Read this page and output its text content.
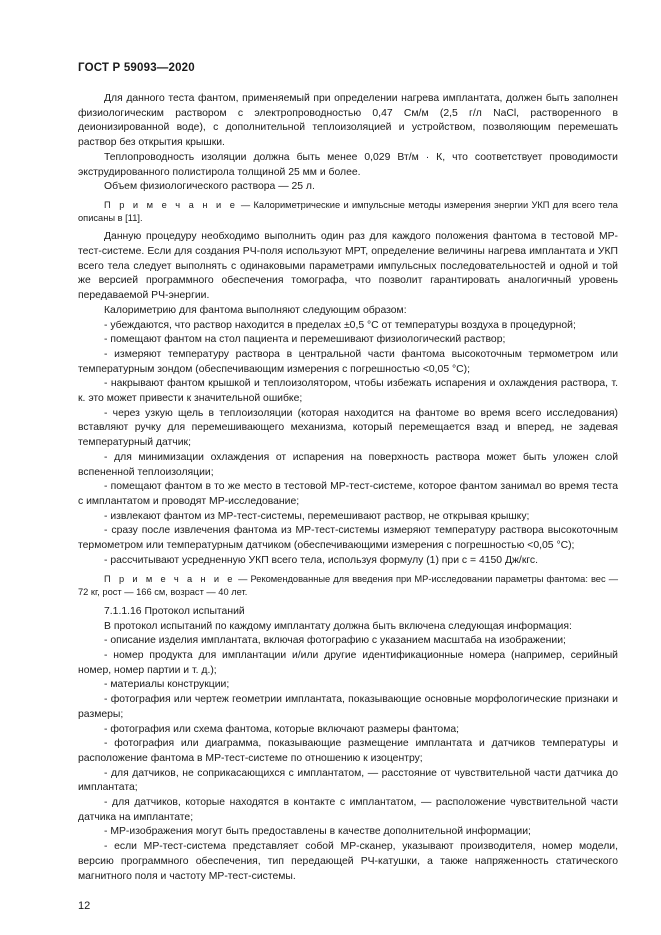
ГОСТ Р 59093—2020

Для данного теста фантом, применяемый при определении нагрева имплантата, должен быть заполнен физиологическим раствором с электропроводностью 0,47 См/м (2,5 г/л NaCl, растворенного в деионизированной воде), с дополнительной теплоизоляцией и устройством, позволяющим перемешать раствор без открытия крышки.

Теплопроводность изоляции должна быть менее 0,029 Вт/м · К, что соответствует проводимости экструдированного полистирола толщиной 25 мм и более.

Объем физиологического раствора — 25 л.

П р и м е ч а н и е — Калориметрические и импульсные методы измерения энергии УКП для всего тела описаны в [11].

Данную процедуру необходимо выполнить один раз для каждого положения фантома в тестовой МР-тест-системе. Если для создания РЧ-поля используют МРТ, определение величины нагрева имплантата и УКП всего тела следует выполнять с одинаковыми параметрами импульсных последовательностей и одной и той же версией программного обеспечения томографа, что позволит гарантировать аналогичный уровень передаваемой РЧ-энергии.

Калориметрию для фантома выполняют следующим образом:

- убеждаются, что раствор находится в пределах ±0,5 °С от температуры воздуха в процедурной;

- помещают фантом на стол пациента и перемешивают физиологический раствор;

- измеряют температуру раствора в центральной части фантома высокоточным термометром или температурным зондом (обеспечивающим измерения с погрешностью <0,05 °С);

- накрывают фантом крышкой и теплоизолятором, чтобы избежать испарения и охлаждения раствора, т. к. это может привести к значительной ошибке;

- через узкую щель в теплоизоляции (которая находится на фантоме во время всего исследования) вставляют ручку для перемешивающего механизма, который перемещается взад и вперед, не задевая температурный датчик;

- для минимизации охлаждения от испарения на поверхность раствора может быть уложен слой вспененной теплоизоляции;

- помещают фантом в то же место в тестовой МР-тест-системе, которое фантом занимал во время теста с имплантатом и проводят МР-исследование;

- извлекают фантом из МР-тест-системы, перемешивают раствор, не открывая крышку;

- сразу после извлечения фантома из МР-тест-системы измеряют температуру раствора высокоточным термометром или температурным датчиком (обеспечивающими измерения с погрешностью <0,05 °С);

- рассчитывают усредненную УКП всего тела, используя формулу (1) при с = 4150 Дж/кгс.

П р и м е ч а н и е — Рекомендованные для введения при МР-исследовании параметры фантома: вес — 72 кг, рост — 166 см, возраст — 40 лет.

7.1.1.16 Протокол испытаний

В протокол испытаний по каждому имплантату должна быть включена следующая информация:

- описание изделия имплантата, включая фотографию с указанием масштаба на изображении;

- номер продукта для имплантации и/или другие идентификационные номера (например, серийный номер, номер партии и т. д.);

- материалы конструкции;

- фотография или чертеж геометрии имплантата, показывающие основные морфологические признаки и размеры;

- фотография или схема фантома, которые включают размеры фантома;

- фотография или диаграмма, показывающие размещение имплантата и датчиков температуры и расположение фантома в МР-тест-системе по отношению к изоцентру;

- для датчиков, не соприкасающихся с имплантатом, — расстояние от чувствительной части датчика до имплантата;

- для датчиков, которые находятся в контакте с имплантатом, — расположение чувствительной части датчика на имплантате;

- МР-изображения могут быть предоставлены в качестве дополнительной информации;

- если МР-тест-система представляет собой МР-сканер, указывают производителя, номер модели, версию программного обеспечения, тип передающей РЧ-катушки, а также напряженность статического магнитного поля и частоту МР-тест-системы.

12
